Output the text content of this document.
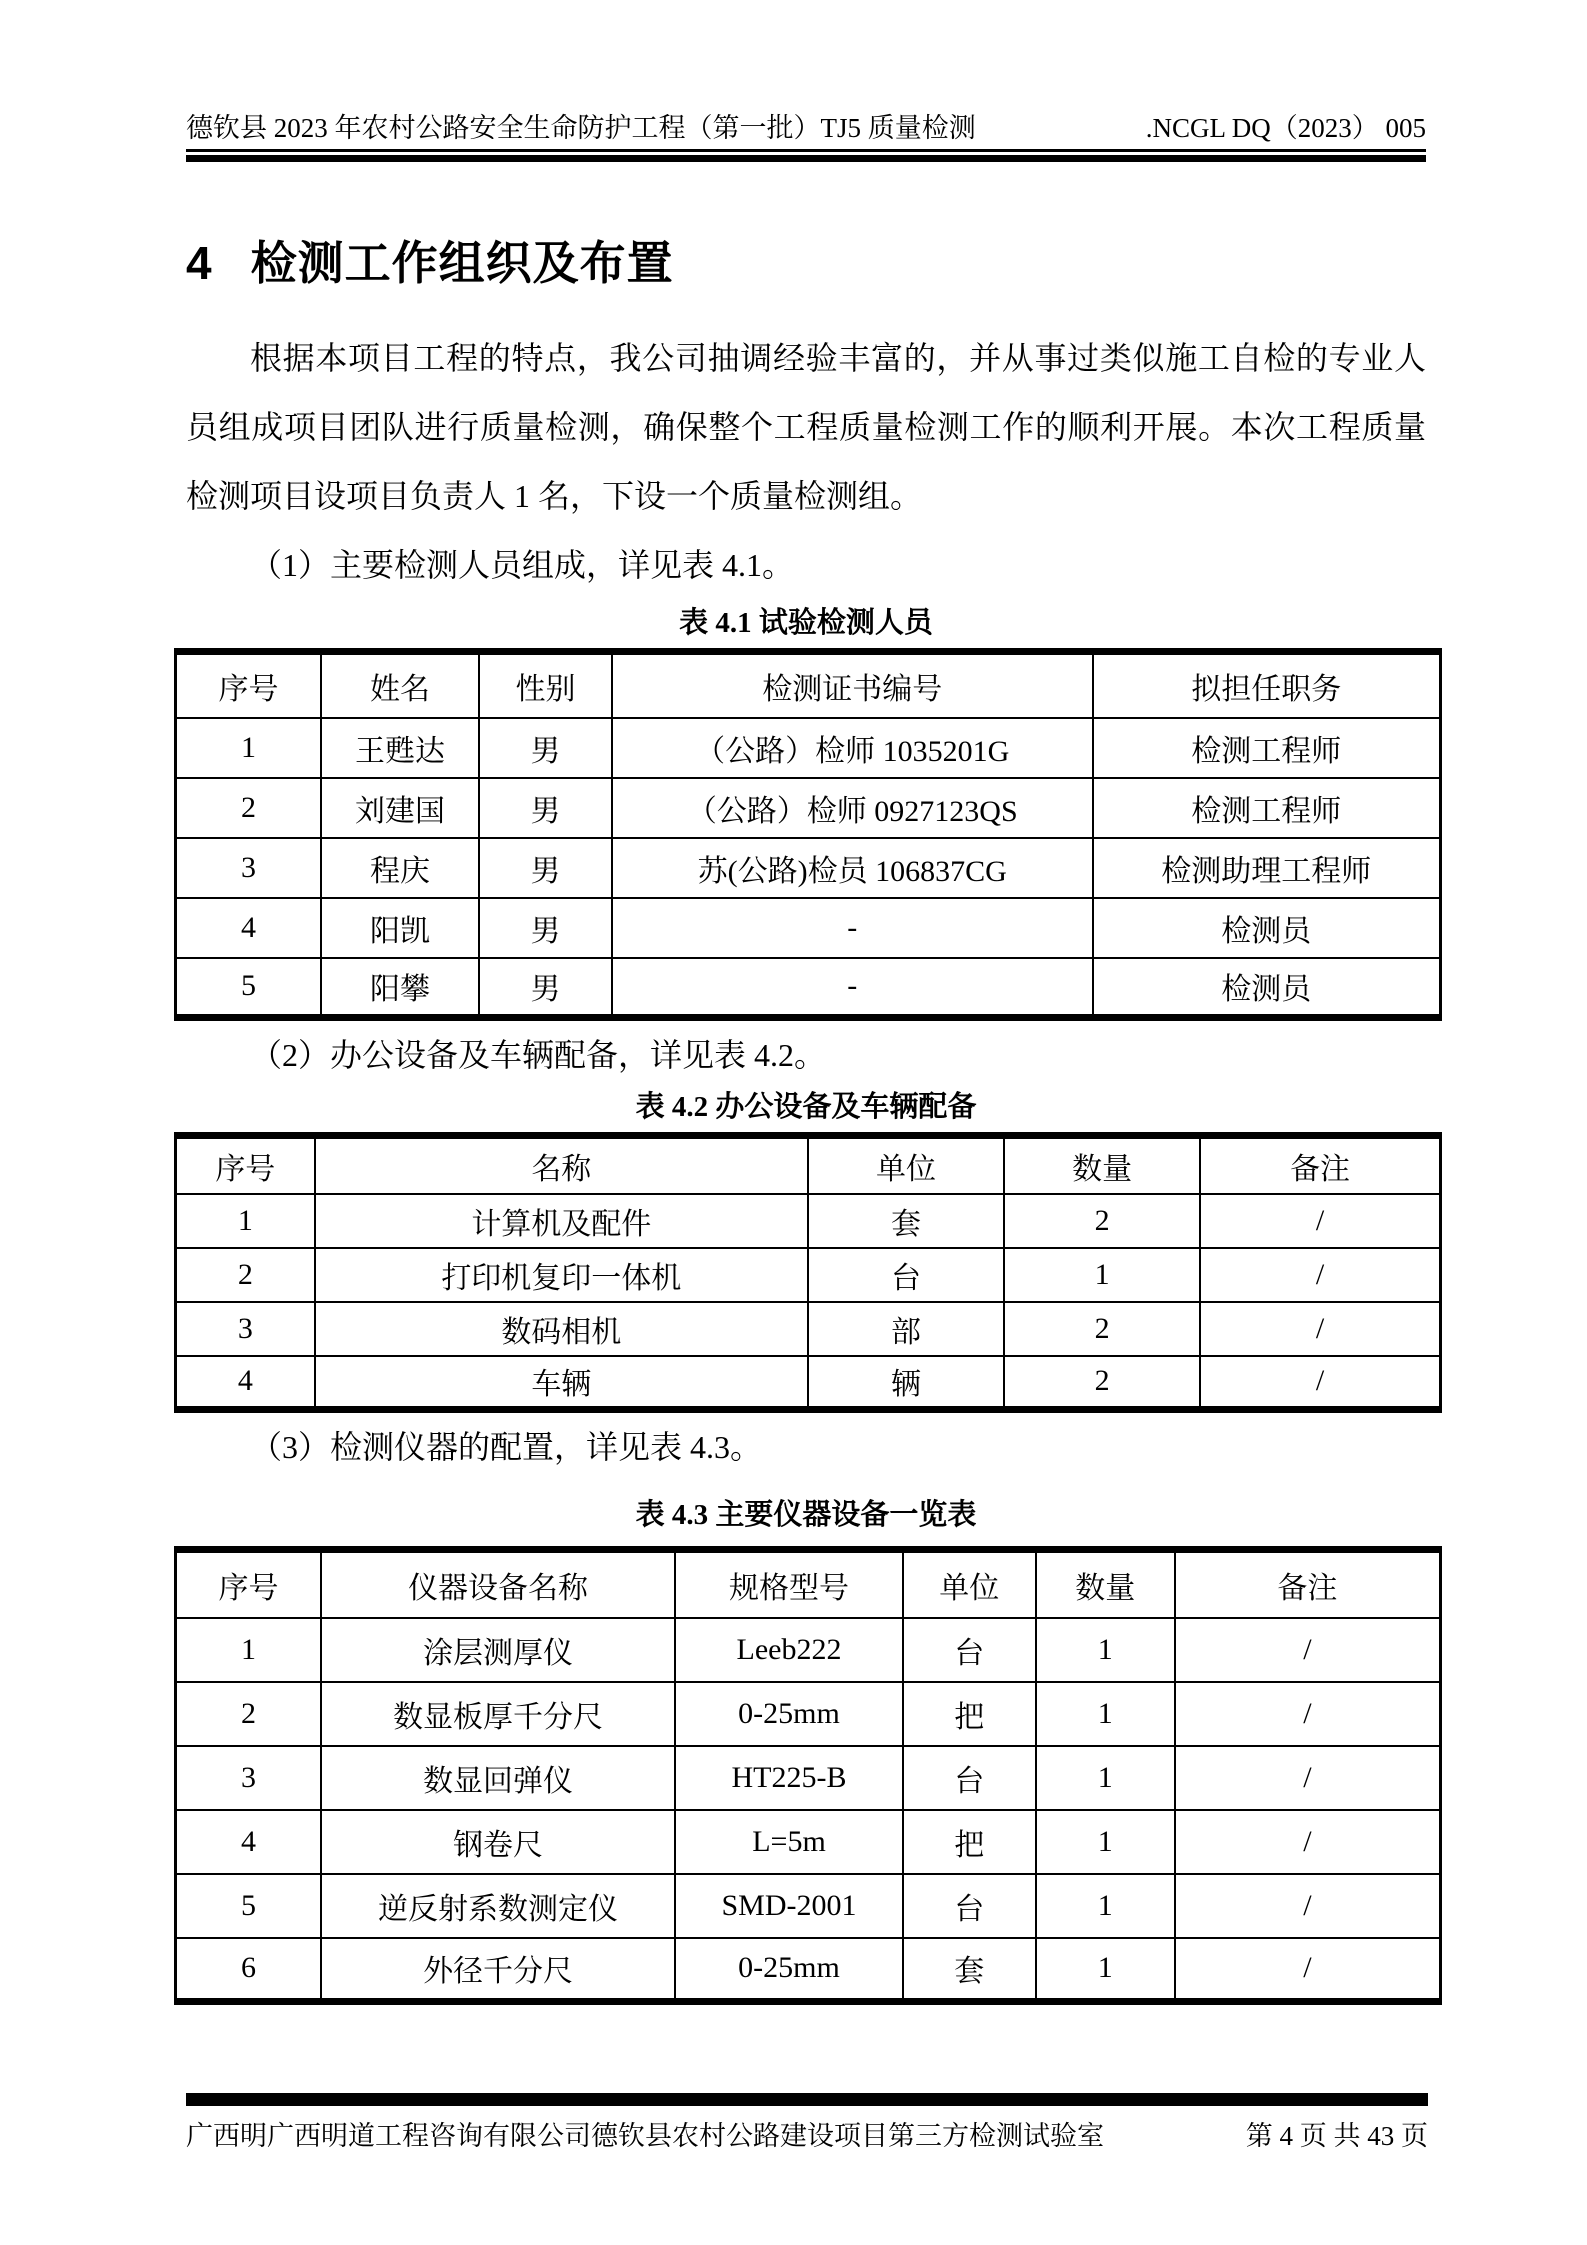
德钦县 2023 年农村公路安全生命防护工程（第一批）TJ5 质量检测	.NCGL DQ（2023） 005
4 检测工作组织及布置

根据本项目工程的特点，我公司抽调经验丰富的，并从事过类似施工自检的专业人员组成项目团队进行质量检测，确保整个工程质量检测工作的顺利开展。本次工程质量检测项目设项目负责人 1 名，下设一个质量检测组。

（1）主要检测人员组成，详见表 4.1。

表 4.1 试验检测人员
序号	姓名	性别	检测证书编号	拟担任职务
1	王甦达	男	（公路）检师 1035201G	检测工程师
2	刘建国	男	（公路）检师 0927123QS	检测工程师
3	程庆	男	苏(公路)检员 106837CG	检测助理工程师
4	阳凯	男	-	检测员
5	阳攀	男	-	检测员

（2）办公设备及车辆配备，详见表 4.2。

表 4.2 办公设备及车辆配备
序号	名称	单位	数量	备注
1	计算机及配件	套	2	/
2	打印机复印一体机	台	1	/
3	数码相机	部	2	/
4	车辆	辆	2	/

（3）检测仪器的配置，详见表 4.3。

表 4.3 主要仪器设备一览表
序号	仪器设备名称	规格型号	单位	数量	备注
1	涂层测厚仪	Leeb222	台	1	/
2	数显板厚千分尺	0-25mm	把	1	/
3	数显回弹仪	HT225-B	台	1	/
4	钢卷尺	L=5m	把	1	/
5	逆反射系数测定仪	SMD-2001	台	1	/
6	外径千分尺	0-25mm	套	1	/
广西明广西明道工程咨询有限公司德钦县农村公路建设项目第三方检测试验室	第 4 页 共 43 页
